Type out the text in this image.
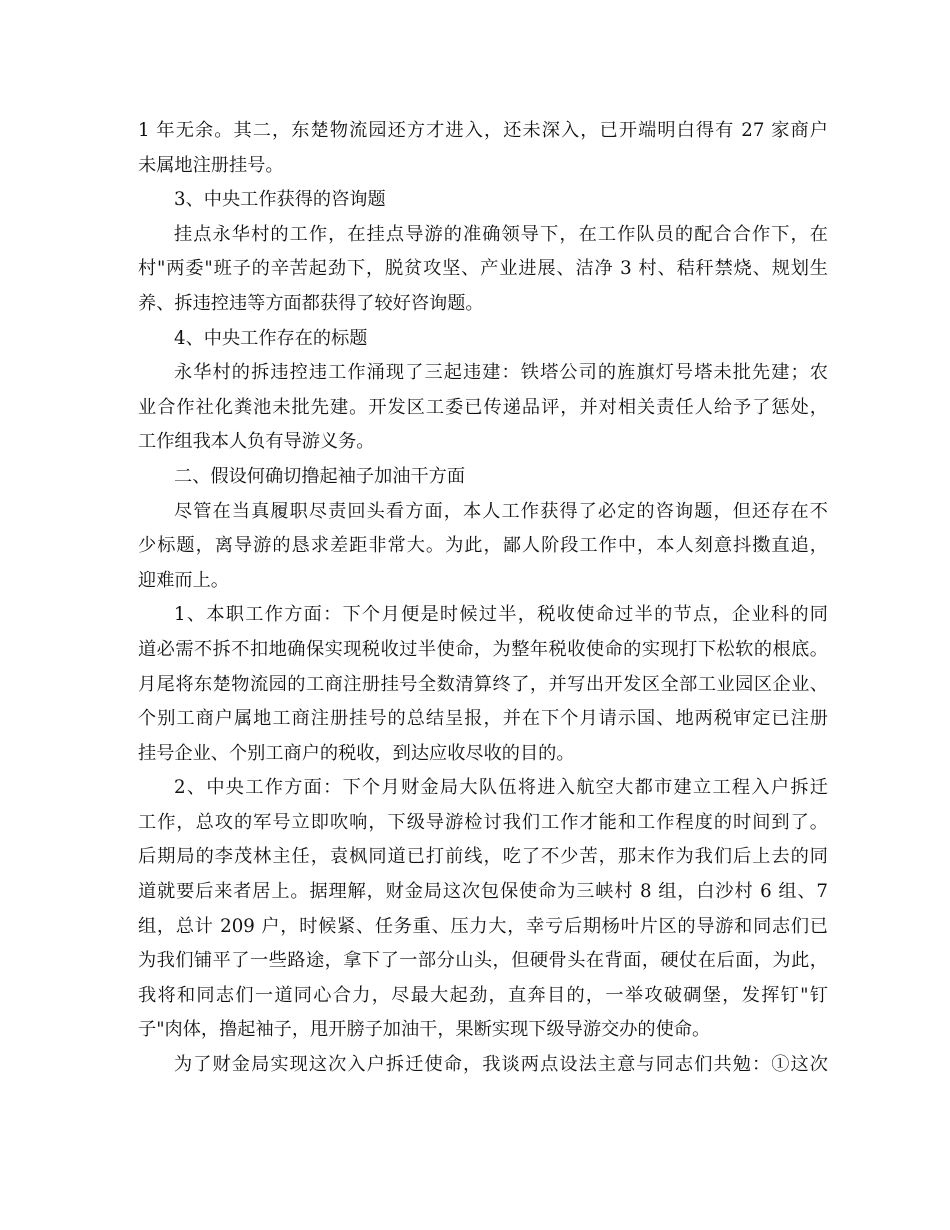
1 年无余。其二，东楚物流园还方才进入，还未深入，已开端明白得有 27 家商户
未属地注册挂号。
3、中央工作获得的咨询题
挂点永华村的工作，在挂点导游的准确领导下，在工作队员的配合合作下，在
村"两委"班子的辛苦起劲下，脱贫攻坚、产业进展、洁净 3 村、秸秆禁烧、规划生
养、拆违控违等方面都获得了较好咨询题。
4、中央工作存在的标题
永华村的拆违控违工作涌现了三起违建：铁塔公司的旌旗灯号塔未批先建；农
业合作社化粪池未批先建。开发区工委已传递品评，并对相关责任人给予了惩处，
工作组我本人负有导游义务。
二、假设何确切撸起袖子加油干方面
尽管在当真履职尽责回头看方面，本人工作获得了必定的咨询题，但还存在不
少标题，离导游的恳求差距非常大。为此，鄙人阶段工作中，本人刻意抖擞直追，
迎难而上。
1、本职工作方面：下个月便是时候过半，税收使命过半的节点，企业科的同
道必需不拆不扣地确保实现税收过半使命，为整年税收使命的实现打下松软的根底。
月尾将东楚物流园的工商注册挂号全数清算终了，并写出开发区全部工业园区企业、
个别工商户属地工商注册挂号的总结呈报，并在下个月请示国、地两税审定已注册
挂号企业、个别工商户的税收，到达应收尽收的目的。
2、中央工作方面：下个月财金局大队伍将进入航空大都市建立工程入户拆迁
工作，总攻的军号立即吹响，下级导游检讨我们工作才能和工作程度的时间到了。
后期局的李茂林主任，袁枫同道已打前线，吃了不少苦，那末作为我们后上去的同
道就要后来者居上。据理解，财金局这次包保使命为三峡村 8 组，白沙村 6 组、7
组，总计 209 户，时候紧、任务重、压力大，幸亏后期杨叶片区的导游和同志们已
为我们铺平了一些路途，拿下了一部分山头，但硬骨头在背面，硬仗在后面，为此，
我将和同志们一道同心合力，尽最大起劲，直奔目的，一举攻破碉堡，发挥钉"钉
子"肉体，撸起袖子，甩开膀子加油干，果断实现下级导游交办的使命。
为了财金局实现这次入户拆迁使命，我谈两点设法主意与同志们共勉：①这次
